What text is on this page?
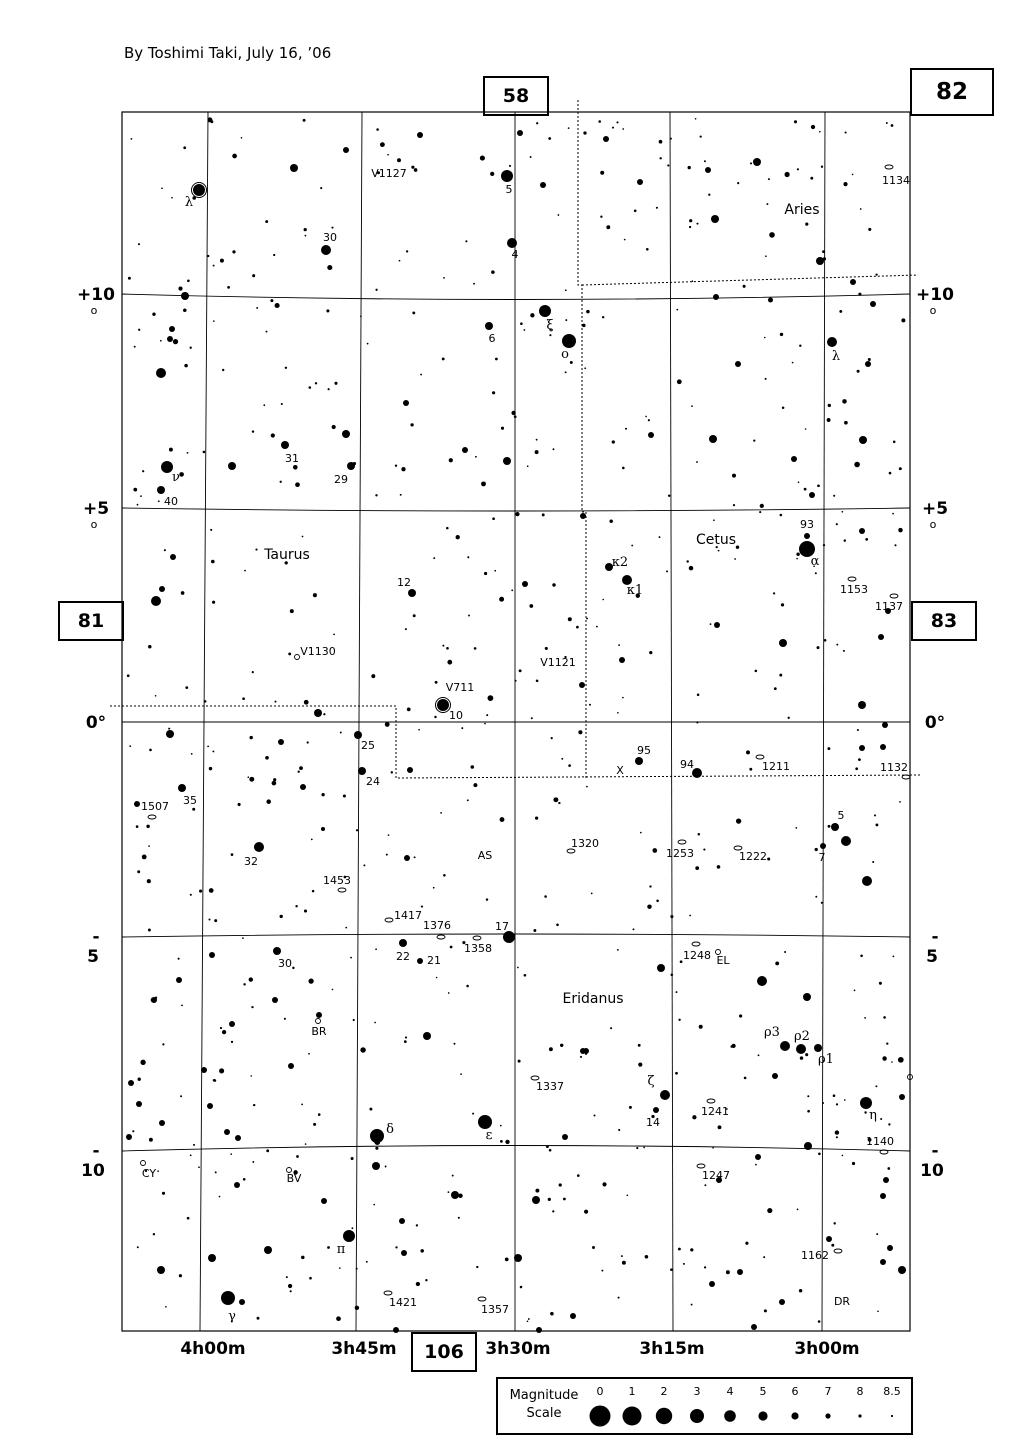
By Toshimi Taki, July 16, ’06
58	82
81	83
Aries
Taurus
Cetus
Eridanus
λ
30
V1127
5
4
ξ
6
o
31
29
ν
40
12
V1130
V711
10
25
24
35
32
1453
AS
1417
1376
1358
17
22 21
30
κ2
κ1
V1121
95
X	94	1211	1132
93
α
1153
1137
λ
1134
1507
1320
1253	1222
5
7
1248 EL
BR	ρ3 ρ2
ρ1
1337	ζ
14
1241	η
1140
δ	ε
CY	BV	1247
1162
π
γ
1421
1357
DR
4h00m	3h45m	3h30m	3h15m	3h00m
+10
o
+10
o
+5
o
+5
o
0°	0°
-
5
-
5
-
10
-
10
106
Magnitude
Scale
0 1 2 3 4 5 6 7 8 8.5
